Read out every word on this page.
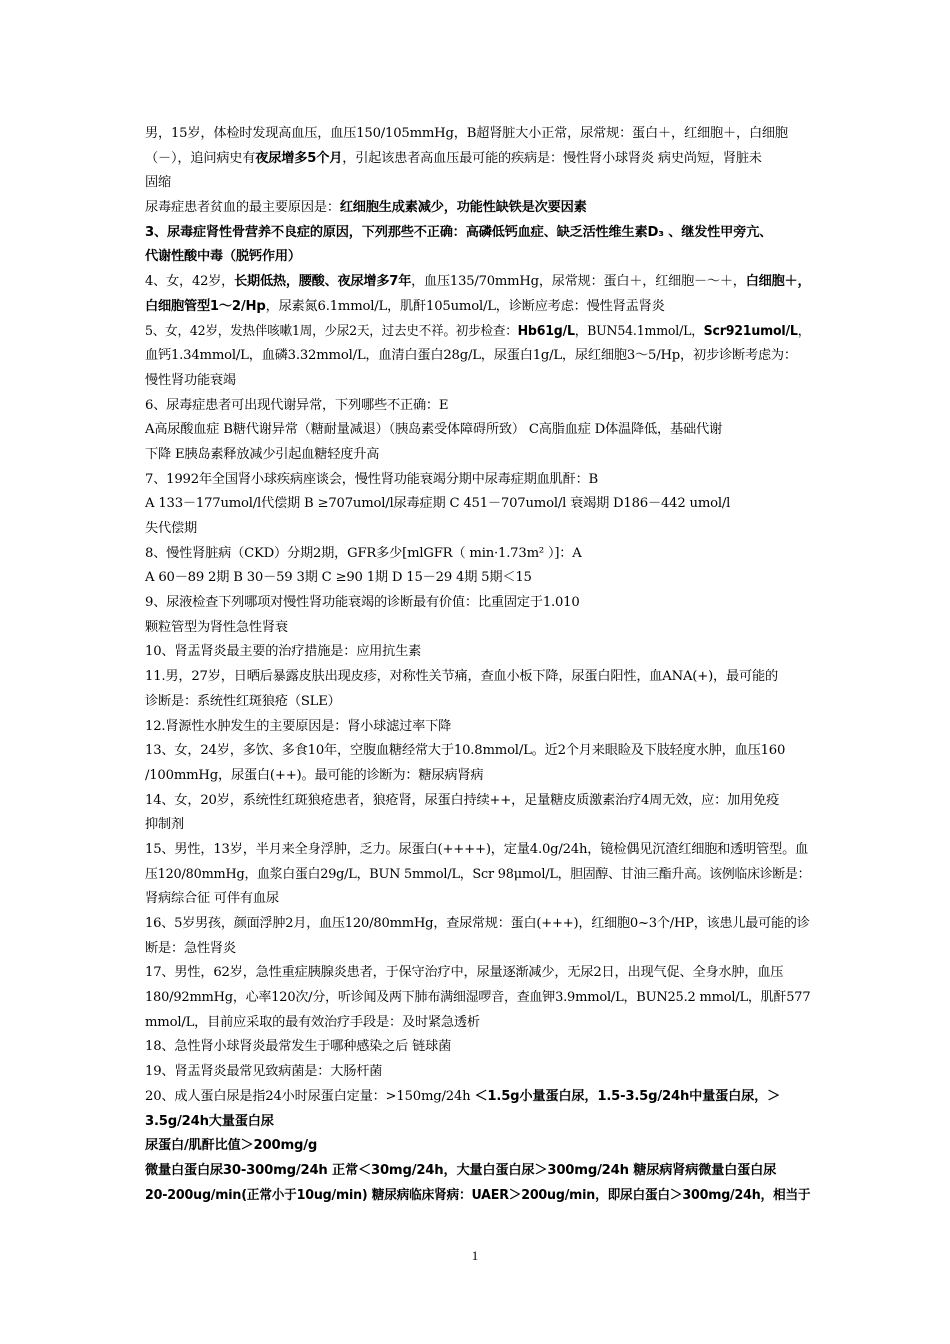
男，15岁，体检时发现高血压，血压150/105mmHg，B超肾脏大小正常，尿常规：蛋白＋，红细胞＋，白细胞
（－），追问病史有夜尿增多5个月，引起该患者高血压最可能的疾病是：慢性肾小球肾炎 病史尚短，肾脏未
固缩
尿毒症患者贫血的最主要原因是：红细胞生成素减少，功能性缺铁是次要因素
3、尿毒症肾性骨营养不良症的原因，下列那些不正确：高磷低钙血症、缺乏活性维生素D₃ 、继发性甲旁亢、
代谢性酸中毒（脱钙作用）
4、女，42岁，长期低热，腰酸、夜尿增多7年，血压135/70mmHg，尿常规：蛋白＋，红细胞－～＋，白细胞＋，
白细胞管型1～2/Hp，尿素氮6.1mmol/L，肌酐105umol/L，诊断应考虑：慢性肾盂肾炎
5、女，42岁，发热伴咳嗽1周，少尿2天，过去史不祥。初步检查：Hb61g/L，BUN54.1mmol/L，Scr921umol/L，
血钙1.34mmol/L，血磷3.32mmol/L，血清白蛋白28g/L，尿蛋白1g/L，尿红细胞3～5/Hp，初步诊断考虑为：
慢性肾功能衰竭
6、尿毒症患者可出现代谢异常，下列哪些不正确：E
A高尿酸血症 B糖代谢异常（糖耐量减退）（胰岛素受体障碍所致） C高脂血症 D体温降低，基础代谢
下降 E胰岛素释放减少引起血糖轻度升高
7、1992年全国肾小球疾病座谈会，慢性肾功能衰竭分期中尿毒症期血肌酐：B
A 133－177umol/l代偿期 B ≥707umol/l尿毒症期 C 451－707umol/l 衰竭期 D186－442 umol/l
失代偿期
8、慢性肾脏病（CKD）分期2期，GFR多少[mlGFR（ min·1.73m² ）]：A
A 60－89 2期 B 30－59 3期 C ≥90 1期 D 15－29 4期 5期＜15
9、尿液检查下列哪项对慢性肾功能衰竭的诊断最有价值：比重固定于1.010
颗粒管型为肾性急性肾衰
10、肾盂肾炎最主要的治疗措施是：应用抗生素
11.男，27岁，日晒后暴露皮肤出现皮疹，对称性关节痛，查血小板下降，尿蛋白阳性，血ANA(+)，最可能的
诊断是：系统性红斑狼疮（SLE）
12.肾源性水肿发生的主要原因是：肾小球滤过率下降
13、女，24岁，多饮、多食10年，空腹血糖经常大于10.8mmol/L。近2个月来眼睑及下肢轻度水肿，血压160
/100mmHg，尿蛋白(++)。最可能的诊断为：糖尿病肾病
14、女，20岁，系统性红斑狼疮患者，狼疮肾，尿蛋白持续++，足量糖皮质激素治疗4周无效，应：加用免疫
抑制剂
15、男性，13岁，半月来全身浮肿，乏力。尿蛋白(++++)，定量4.0g/24h，镜检偶见沉渣红细胞和透明管型。血
压120/80mmHg，血浆白蛋白29g/L，BUN 5mmol/L，Scr 98μmol/L，胆固醇、甘油三酯升高。该例临床诊断是：
肾病综合征 可伴有血尿
16、5岁男孩，颜面浮肿2月，血压120/80mmHg，查尿常规：蛋白(+++)，红细胞0~3个/HP，该患儿最可能的诊
断是：急性肾炎
17、男性，62岁，急性重症胰腺炎患者，于保守治疗中，尿量逐渐减少，无尿2日，出现气促、全身水肿，血压
180/92mmHg，心率120次/分，听诊闻及两下肺布满细湿啰音，查血钾3.9mmol/L，BUN25.2 mmol/L，肌酐577
mmol/L，目前应采取的最有效治疗手段是：及时紧急透析
18、急性肾小球肾炎最常发生于哪种感染之后 链球菌
19、肾盂肾炎最常见致病菌是：大肠杆菌
20、成人蛋白尿是指24小时尿蛋白定量：>150mg/24h ＜1.5g小量蛋白尿，1.5-3.5g/24h中量蛋白尿，＞
3.5g/24h大量蛋白尿
尿蛋白/肌酐比值＞200mg/g
微量白蛋白尿30-300mg/24h 正常＜30mg/24h，大量白蛋白尿＞300mg/24h 糖尿病肾病微量白蛋白尿
20-200ug/min(正常小于10ug/min) 糖尿病临床肾病：UAER＞200ug/min，即尿白蛋白＞300mg/24h，相当于
1
